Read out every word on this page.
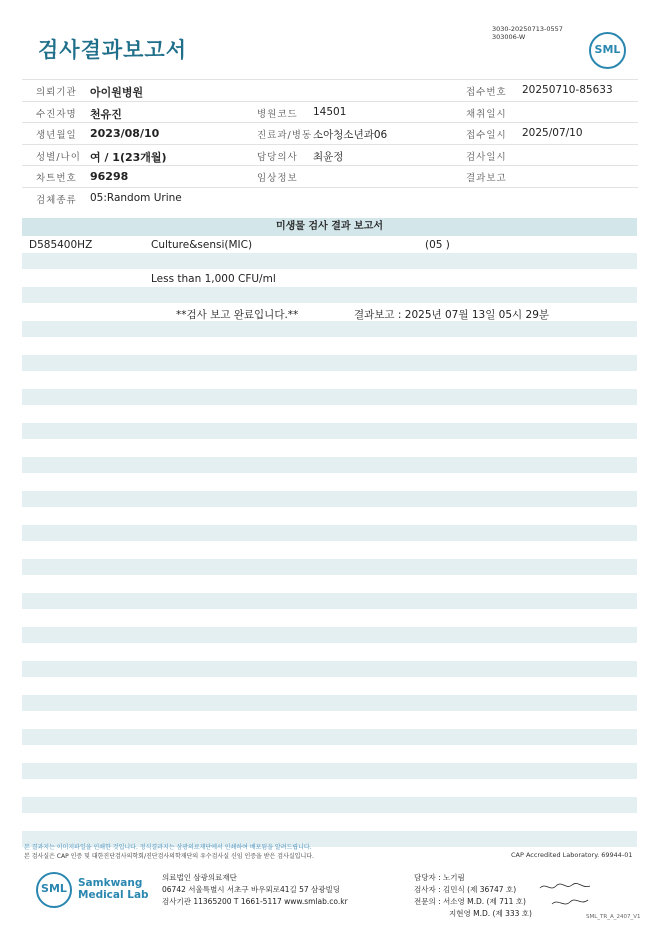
검사결과보고서
3030-20250713-0557
303006-W
SML
의뢰기관 아이원병원	접수번호 20250710-85633
수진자명 천유진	병원코드 14501	채취일시
생년월일 2023/08/10	진료과/병동 소아청소년과06	접수일시 2025/07/10
성별/나이 여 / 1(23개월)	담당의사 최윤정	검사일시
차트번호 96298	임상정보	결과보고
검체종류 05:Random Urine
미생물 검사 결과 보고서
D585400HZ	Culture&sensi(MIC)	(05 )
Less than 1,000 CFU/ml
**검사 보고 완료입니다.**	결과보고 : 2025년 07월 13일 05시 29분
본 결과지는 이미지파일을 인쇄한 것입니다. 정식결과지는 삼광의료재단에서 인쇄하여 배포됨을 알려드립니다.
본 검사실은 CAP 인증 및 대한진단검사의학회/진단검사의학재단의 우수검사실 신임 인증을 받은 검사실입니다.	CAP Accredited Laboratory. 69944-01
SML Samkwang
Medical Lab
의료법인 삼광의료재단
06742 서울특별시 서초구 바우뫼로41길 57 삼광빌딩
검사기관 11365200 T 1661-5117 www.smlab.co.kr
담당자 : 노기림
검사자 : 김민식 (제 36747 호)
전문의 : 서소영 M.D. (제 711 호)
지현영 M.D. (제 333 호)	SML_TR_A_2407_V1
